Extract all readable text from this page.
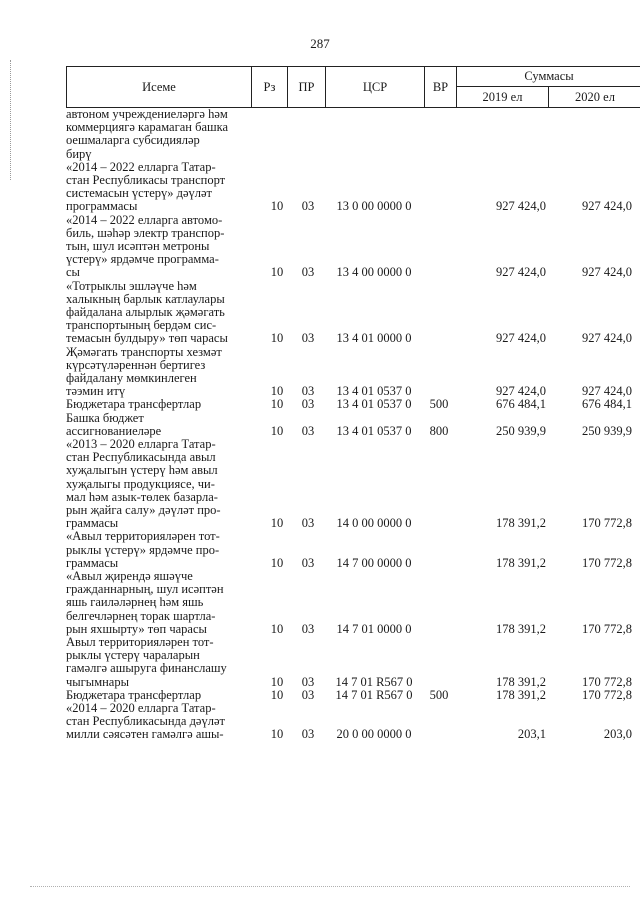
287
Исеме	Рз	ПР	ЦСР	ВР
Суммасы
2019 ел	2020 ел
автоном учреждениеләргә һәм
коммерциягә карамаган башка
оешмаларга субсидияләр
бирү
«2014 – 2022 елларга Татар-
стан Республикасы транспорт
системасын үстерү» дәүләт
программасы	10	03	13 0 00 0000 0	927 424,0	927 424,0
«2014 – 2022 елларга автомо-
биль, шәһәр электр транспор-
тын, шул исәптән метроны
үстерү» ярдәмче программа-
сы	10	03	13 4 00 0000 0	927 424,0	927 424,0
«Тотрыклы эшләүче һәм
халыкның барлык катлаулары
файдалана алырлык җәмәгать
транспортының бердәм сис-
темасын булдыру» төп чарасы	10	03	13 4 01 0000 0	927 424,0	927 424,0
Җәмәгать транспорты хезмәт
күрсәтүләреннән бертигез
файдалану мөмкинлеген
тәэмин итү	10	03	13 4 01 0537 0	927 424,0	927 424,0
Бюджетара трансфертлар	10	03	13 4 01 0537 0 500	676 484,1	676 484,1
Башка бюджет
ассигнованиеләре	10	03	13 4 01 0537 0 800	250 939,9	250 939,9
«2013 – 2020 елларга Татар-
стан Республикасында авыл
хуҗалыгын үстерү һәм авыл
хуҗалыгы продукциясе, чи-
мал һәм азык-төлек базарла-
рын җайга салу» дәүләт про-
граммасы	10	03	14 0 00 0000 0	178 391,2	170 772,8
«Авыл территорияләрен тот-
рыклы үстерү» ярдәмче про-
граммасы	10	03	14 7 00 0000 0	178 391,2	170 772,8
«Авыл җирендә яшәүче
гражданнарның, шул исәптән
яшь гаиләләрнең һәм яшь
белгечләрнең торак шартла-
рын яхшырту» төп чарасы	10	03	14 7 01 0000 0	178 391,2	170 772,8
Авыл территорияләрен тот-
рыклы үстерү чараларын
гамәлгә ашыруга финанслашу
чыгымнары	10	03	14 7 01 R567 0	178 391,2	170 772,8
Бюджетара трансфертлар	10	03	14 7 01 R567 0 500	178 391,2	170 772,8
«2014 – 2020 елларга Татар-
стан Республикасында дәүләт
милли сәясәтен гамәлгә ашы-	10	03	20 0 00 0000 0	203,1	203,0
